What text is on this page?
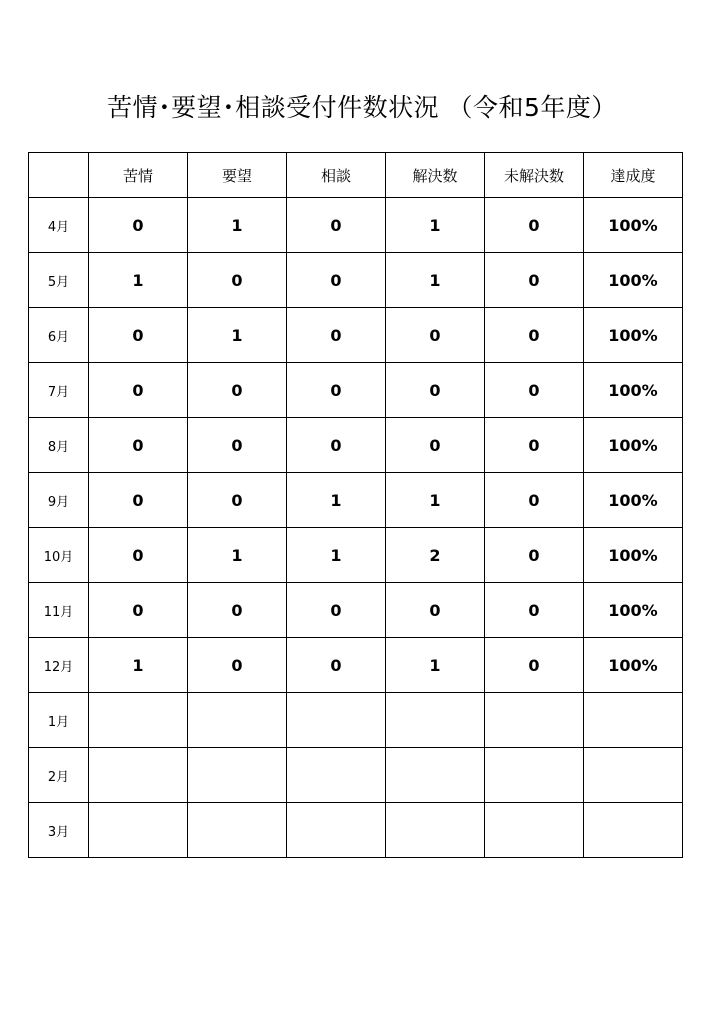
苦情･要望･相談受付件数状況 （令和5年度）
	苦情	要望	相談	解決数	未解決数	達成度
4月	0	1	0	1	0	100%
5月	1	0	0	1	0	100%
6月	0	1	0	0	0	100%
7月	0	0	0	0	0	100%
8月	0	0	0	0	0	100%
9月	0	0	1	1	0	100%
10月	0	1	1	2	0	100%
11月	0	0	0	0	0	100%
12月	1	0	0	1	0	100%
1月						
2月						
3月						
